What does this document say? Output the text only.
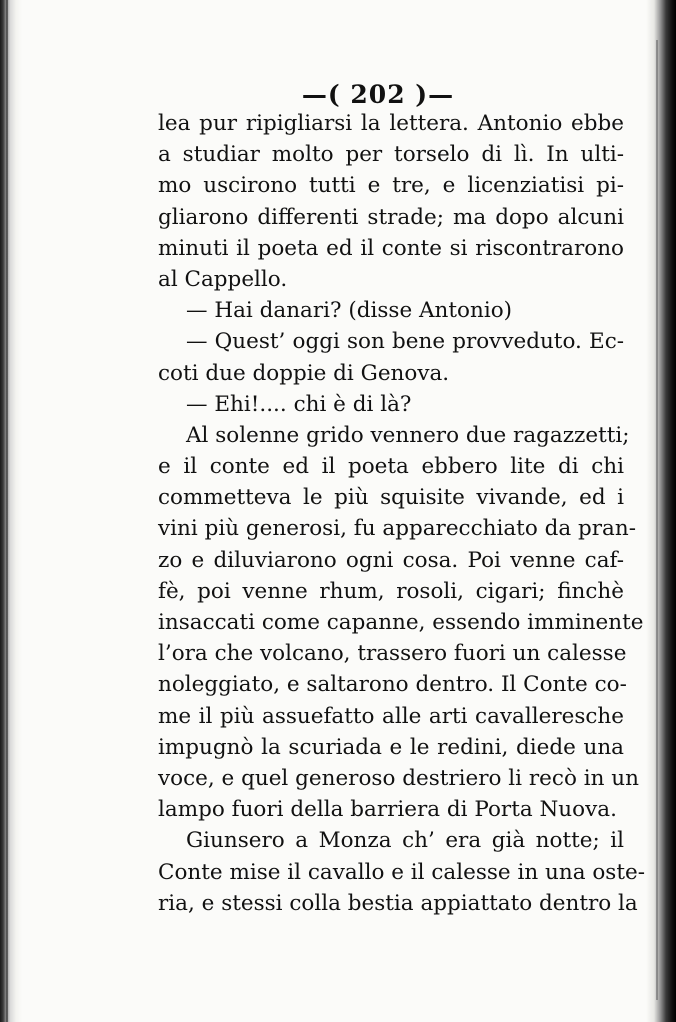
—( 202 )—
lea pur ripigliarsi la lettera. Antonio ebbe
a studiar molto per torselo di lì. In ulti-
mo uscirono tutti e tre, e licenziatisi pi-
gliarono differenti strade; ma dopo alcuni
minuti il poeta ed il conte si riscontrarono
al Cappello.
— Hai danari? (disse Antonio)
— Quest’ oggi son bene provveduto. Ec-
coti due doppie di Genova.
— Ehi!.... chi è di là?
Al solenne grido vennero due ragazzetti;
e il conte ed il poeta ebbero lite di chi
commetteva le più squisite vivande, ed i
vini più generosi, fu apparecchiato da pran-
zo e diluviarono ogni cosa. Poi venne caf-
fè, poi venne rhum, rosoli, cigari; finchè
insaccati come capanne, essendo imminente
l’ora che volcano, trassero fuori un calesse
noleggiato, e saltarono dentro. Il Conte co-
me il più assuefatto alle arti cavalleresche
impugnò la scuriada e le redini, diede una
voce, e quel generoso destriero li recò in un
lampo fuori della barriera di Porta Nuova.
Giunsero a Monza ch’ era già notte; il
Conte mise il cavallo e il calesse in una oste-
ria, e stessi colla bestia appiattato dentro la
